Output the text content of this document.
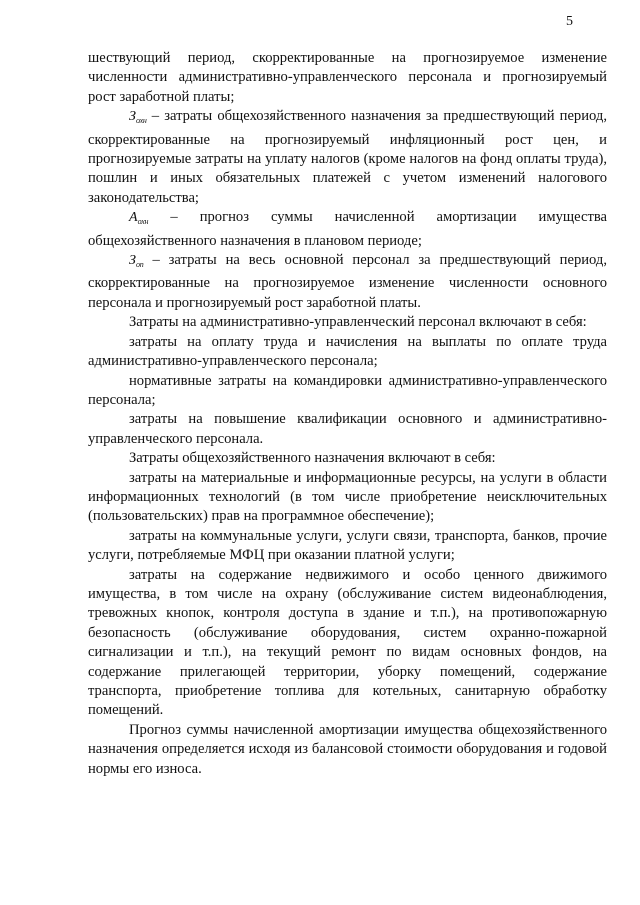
5

шествующий период, скорректированные на прогнозируемое изменение численности административно-управленческого персонала и прогнозируемый рост заработной платы;

$З_{охн}$ – затраты общехозяйственного назначения за предшествующий период, скорректированные на прогнозируемый инфляционный рост цен, и прогнозируемые затраты на уплату налогов (кроме налогов на фонд оплаты труда), пошлин и иных обязательных платежей с учетом изменений налогового законодательства;

$А_{охн}$ – прогноз суммы начисленной амортизации имущества общехозяйственного назначения в плановом периоде;

$З_{оп}$ – затраты на весь основной персонал за предшествующий период, скорректированные на прогнозируемое изменение численности основного персонала и прогнозируемый рост заработной платы.

Затраты на административно-управленческий персонал включают в себя:

затраты на оплату труда и начисления на выплаты по оплате труда административно-управленческого персонала;

нормативные затраты на командировки административно-управленческого персонала;

затраты на повышение квалификации основного и административно-управленческого персонала.

Затраты общехозяйственного назначения включают в себя:

затраты на материальные и информационные ресурсы, на услуги в области информационных технологий (в том числе приобретение неисключительных (пользовательских) прав на программное обеспечение);

затраты на коммунальные услуги, услуги связи, транспорта, банков, прочие услуги, потребляемые МФЦ при оказании платной услуги;

затраты на содержание недвижимого и особо ценного движимого имущества, в том числе на охрану (обслуживание систем видеонаблюдения, тревожных кнопок, контроля доступа в здание и т.п.), на противопожарную безопасность (обслуживание оборудования, систем охранно-пожарной сигнализации и т.п.), на текущий ремонт по видам основных фондов, на содержание прилегающей территории, уборку помещений, содержание транспорта, приобретение топлива для котельных, санитарную обработку помещений.

Прогноз суммы начисленной амортизации имущества общехозяйственного назначения определяется исходя из балансовой стоимости оборудования и годовой нормы его износа.
